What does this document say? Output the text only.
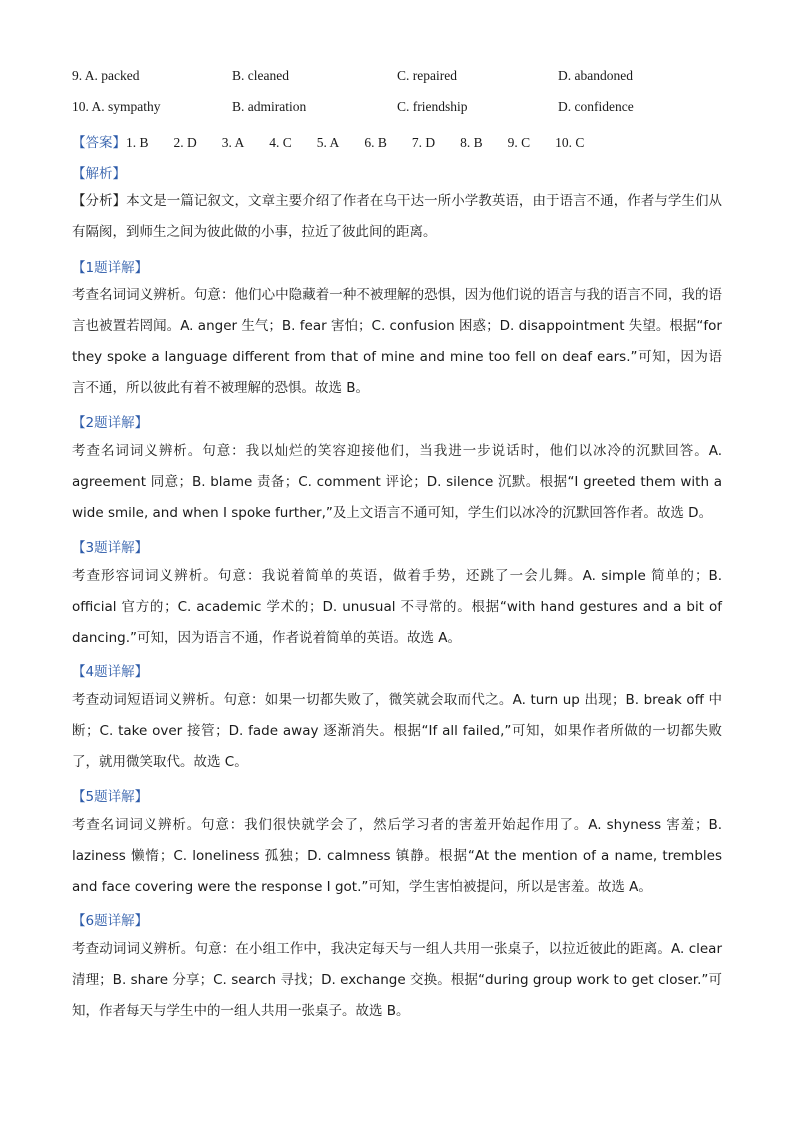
9. A. packed	B. cleaned	C. repaired	D. abandoned
10. A. sympathy	B. admiration	C. friendship	D. confidence
【答案】1. B 2. D 3. A 4. C 5. A 6. B 7. D 8. B 9. C 10. C
【解析】

【分析】本文是一篇记叙文，文章主要介绍了作者在乌干达一所小学教英语，由于语言不通，作者与学生们从有隔阂，到师生之间为彼此做的小事，拉近了彼此间的距离。

【1题详解】

考查名词词义辨析。句意：他们心中隐藏着一种不被理解的恐惧，因为他们说的语言与我的语言不同，我的语言也被置若罔闻。A. anger 生气；B. fear 害怕；C. confusion 困惑；D. disappointment 失望。根据“for they spoke a language different from that of mine and mine too fell on deaf ears.”可知，因为语言不通，所以彼此有着不被理解的恐惧。故选 B。

【2题详解】

考查名词词义辨析。句意：我以灿烂的笑容迎接他们，当我进一步说话时，他们以冰冷的沉默回答。A. agreement 同意；B. blame 责备；C. comment 评论；D. silence 沉默。根据“I greeted them with a wide smile, and when I spoke further,”及上文语言不通可知，学生们以冰冷的沉默回答作者。故选 D。

【3题详解】

考查形容词词义辨析。句意：我说着简单的英语，做着手势，还跳了一会儿舞。A. simple 简单的；B. official 官方的；C. academic 学术的；D. unusual 不寻常的。根据“with hand gestures and a bit of dancing.”可知，因为语言不通，作者说着简单的英语。故选 A。

【4题详解】

考查动词短语词义辨析。句意：如果一切都失败了，微笑就会取而代之。A. turn up 出现；B. break off 中断；C. take over 接管；D. fade away 逐渐消失。根据“If all failed,”可知，如果作者所做的一切都失败了，就用微笑取代。故选 C。

【5题详解】

考查名词词义辨析。句意：我们很快就学会了，然后学习者的害羞开始起作用了。A. shyness 害羞；B. laziness 懒惰；C. loneliness 孤独；D. calmness 镇静。根据“At the mention of a name, trembles and face covering were the response I got.”可知，学生害怕被提问，所以是害羞。故选 A。

【6题详解】

考查动词词义辨析。句意：在小组工作中，我决定每天与一组人共用一张桌子，以拉近彼此的距离。A. clear 清理；B. share 分享；C. search 寻找；D. exchange 交换。根据“during group work to get closer.”可知，作者每天与学生中的一组人共用一张桌子。故选 B。
